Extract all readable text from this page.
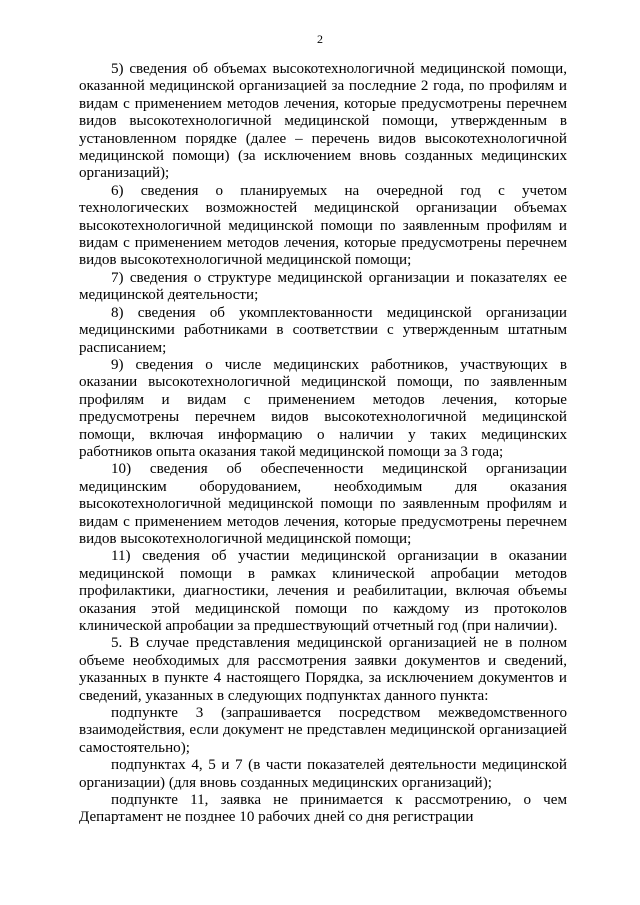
2

5) сведения об объемах высокотехнологичной медицинской помощи, оказанной медицинской организацией за последние 2 года, по профилям и видам с применением методов лечения, которые предусмотрены перечнем видов высокотехнологичной медицинской помощи, утвержденным в установленном порядке (далее – перечень видов высокотехнологичной медицинской помощи) (за исключением вновь созданных медицинских организаций);

6) сведения о планируемых на очередной год с учетом технологических возможностей медицинской организации объемах высокотехнологичной медицинской помощи по заявленным профилям и видам с применением методов лечения, которые предусмотрены перечнем видов высокотехнологичной медицинской помощи;

7) сведения о структуре медицинской организации и показателях ее медицинской деятельности;

8) сведения об укомплектованности медицинской организации медицинскими работниками в соответствии с утвержденным штатным расписанием;

9) сведения о числе медицинских работников, участвующих в оказании высокотехнологичной медицинской помощи, по заявленным профилям и видам с применением методов лечения, которые предусмотрены перечнем видов высокотехнологичной медицинской помощи, включая информацию о наличии у таких медицинских работников опыта оказания такой медицинской помощи за 3 года;

10) сведения об обеспеченности медицинской организации медицинским оборудованием, необходимым для оказания высокотехнологичной медицинской помощи по заявленным профилям и видам с применением методов лечения, которые предусмотрены перечнем видов высокотехнологичной медицинской помощи;

11) сведения об участии медицинской организации в оказании медицинской помощи в рамках клинической апробации методов профилактики, диагностики, лечения и реабилитации, включая объемы оказания этой медицинской помощи по каждому из протоколов клинической апробации за предшествующий отчетный год (при наличии).

5. В случае представления медицинской организацией не в полном объеме необходимых для рассмотрения заявки документов и сведений, указанных в пункте 4 настоящего Порядка, за исключением документов и сведений, указанных в следующих подпунктах данного пункта:

подпункте 3 (запрашивается посредством межведомственного взаимодействия, если документ не представлен медицинской организацией самостоятельно);

подпунктах 4, 5 и 7 (в части показателей деятельности медицинской организации) (для вновь созданных медицинских организаций);

подпункте 11, заявка не принимается к рассмотрению, о чем Департамент не позднее 10 рабочих дней со дня регистрации
